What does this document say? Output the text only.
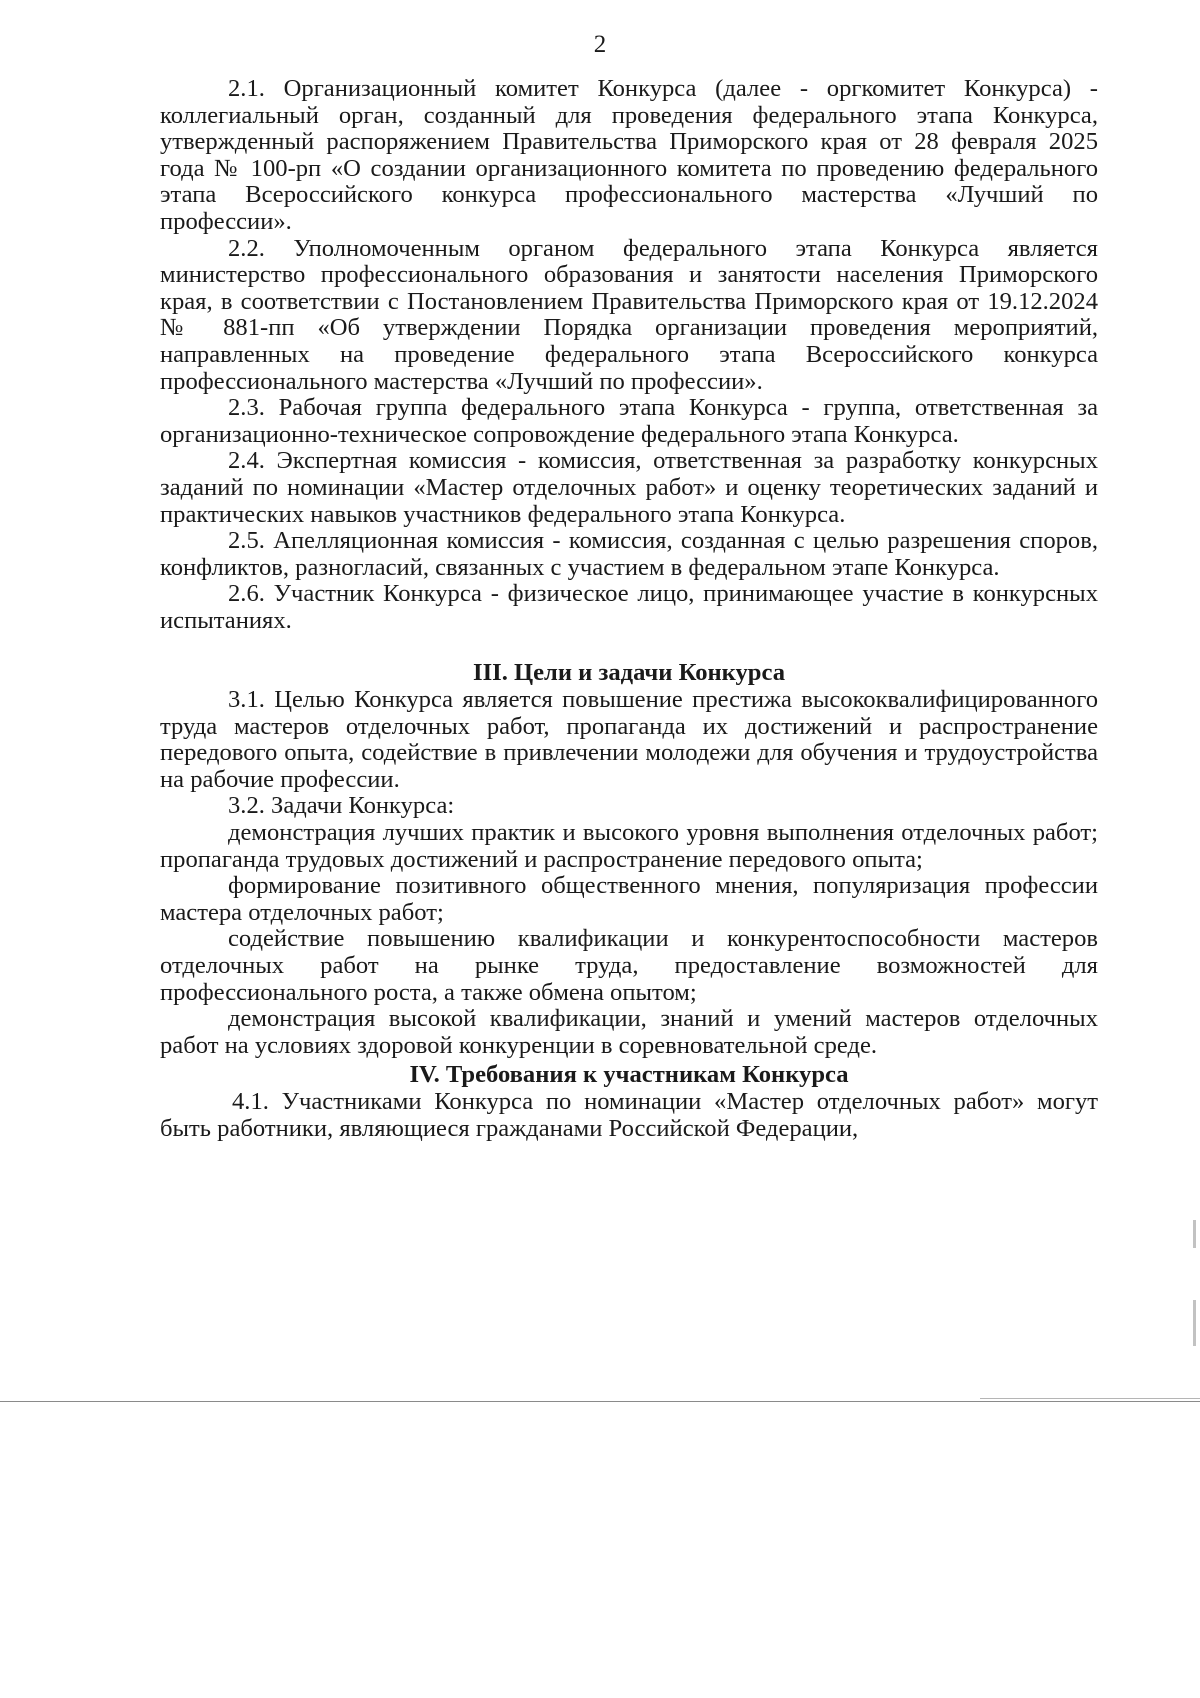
2

2.1. Организационный комитет Конкурса (далее - оргкомитет Конкурса) - коллегиальный орган, созданный для проведения федерального этапа Конкурса, утвержденный распоряжением Правительства Приморского края от 28 февраля 2025 года № 100-рп «О создании организационного комитета по проведению федерального этапа Всероссийского конкурса профессионального мастерства «Лучший по профессии».

2.2. Уполномоченным органом федерального этапа Конкурса является министерство профессионального образования и занятости населения Приморского края, в соответствии с Постановлением Правительства Приморского края от 19.12.2024 № 881-пп «Об утверждении Порядка организации проведения мероприятий, направленных на проведение федерального этапа Всероссийского конкурса профессионального мастерства «Лучший по профессии».

2.3. Рабочая группа федерального этапа Конкурса - группа, ответственная за организационно-техническое сопровождение федерального этапа Конкурса.

2.4. Экспертная комиссия - комиссия, ответственная за разработку конкурсных заданий по номинации «Мастер отделочных работ» и оценку теоретических заданий и практических навыков участников федерального этапа Конкурса.

2.5. Апелляционная комиссия - комиссия, созданная с целью разрешения споров, конфликтов, разногласий, связанных с участием в федеральном этапе Конкурса.

2.6. Участник Конкурса - физическое лицо, принимающее участие в конкурсных испытаниях.

III. Цели и задачи Конкурса

3.1. Целью Конкурса является повышение престижа высококвалифицированного труда мастеров отделочных работ, пропаганда их достижений и распространение передового опыта, содействие в привлечении молодежи для обучения и трудоустройства на рабочие профессии.

3.2. Задачи Конкурса:

демонстрация лучших практик и высокого уровня выполнения отделочных работ; пропаганда трудовых достижений и распространение передового опыта;

формирование позитивного общественного мнения, популяризация профессии мастера отделочных работ;

содействие повышению квалификации и конкурентоспособности мастеров отделочных работ на рынке труда, предоставление возможностей для профессионального роста, а также обмена опытом;

демонстрация высокой квалификации, знаний и умений мастеров отделочных работ на условиях здоровой конкуренции в соревновательной среде.

IV. Требования к участникам Конкурса

4.1. Участниками Конкурса по номинации «Мастер отделочных работ» могут быть работники, являющиеся гражданами Российской Федерации,
